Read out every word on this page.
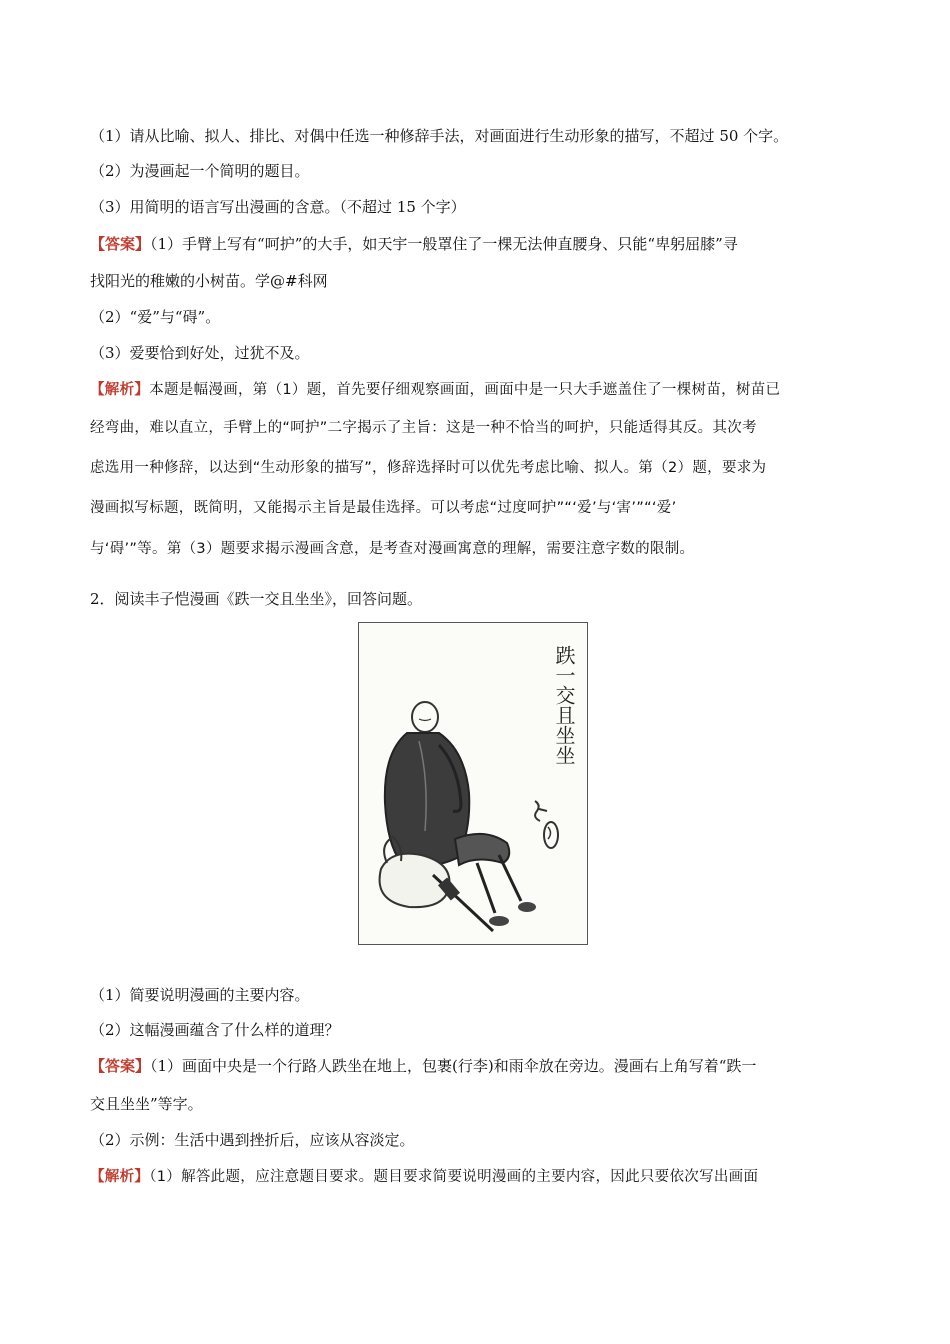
（1）请从比喻、拟人、排比、对偶中任选一种修辞手法，对画面进行生动形象的描写，不超过 50 个字。
（2）为漫画起一个简明的题目。
（3）用简明的语言写出漫画的含意。（不超过 15 个字）
【答案】（1）手臂上写有“呵护”的大手，如天宇一般罩住了一棵无法伸直腰身、只能“卑躬屈膝”寻
找阳光的稚嫩的小树苗。学@#科网
（2）“爱”与“碍”。
（3）爱要恰到好处，过犹不及。
【解析】本题是幅漫画，第（1）题，首先要仔细观察画面，画面中是一只大手遮盖住了一棵树苗，树苗已
经弯曲，难以直立，手臂上的“呵护”二字揭示了主旨：这是一种不恰当的呵护，只能适得其反。其次考
虑选用一种修辞，以达到“生动形象的描写”，修辞选择时可以优先考虑比喻、拟人。第（2）题，要求为
漫画拟写标题，既简明，又能揭示主旨是最佳选择。可以考虑“过度呵护”“‘爱’与‘害’”“‘爱’
与‘碍’”等。第（3）题要求揭示漫画含意，是考查对漫画寓意的理解，需要注意字数的限制。
2．阅读丰子恺漫画《跌一交且坐坐》，回答问题。
跌一交且坐坐
（1）简要说明漫画的主要内容。
（2）这幅漫画蕴含了什么样的道理？
【答案】（1）画面中央是一个行路人跌坐在地上，包裹(行李)和雨伞放在旁边。漫画右上角写着“跌一
交且坐坐”等字。
（2）示例：生活中遇到挫折后，应该从容淡定。
【解析】（1）解答此题，应注意题目要求。题目要求简要说明漫画的主要内容，因此只要依次写出画面
